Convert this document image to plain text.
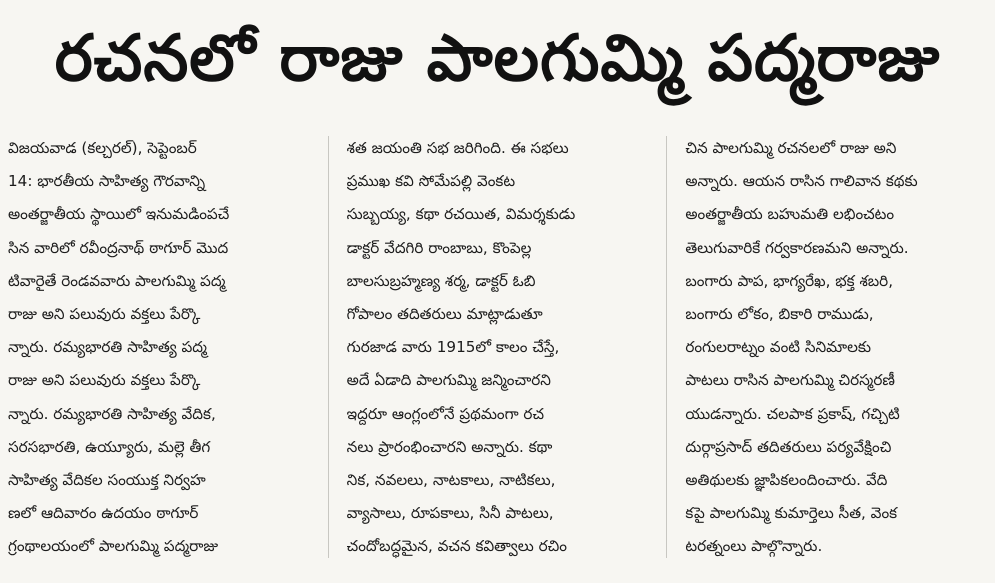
రచనలో రాజు పాలగుమ్మి పద్మరాజు
విజయవాడ (కల్చరల్), సెప్టెంబర్
14: భారతీయ సాహిత్య గౌరవాన్ని
అంతర్జాతీయ స్థాయిలో ఇనుమడింపచే
సిన వారిలో రవీంద్రనాథ్ ఠాగూర్ మొద
టివారైతే రెండవవారు పాలగుమ్మి పద్మ
రాజు అని పలువురు వక్తలు పేర్కొ
న్నారు. రమ్యభారతి సాహిత్య పద్మ
రాజు అని పలువురు వక్తలు పేర్కొ
న్నారు. రమ్యభారతి సాహిత్య వేదిక,
సరసభారతి, ఉయ్యూరు, మల్లె తీగ
సాహిత్య వేదికల సంయుక్త నిర్వహ
ణలో ఆదివారం ఉదయం ఠాగూర్
గ్రంథాలయంలో పాలగుమ్మి పద్మరాజు
శత జయంతి సభ జరిగింది. ఈ సభలు
ప్రముఖ కవి సోమేపల్లి వెంకట
సుబ్బయ్య, కథా రచయిత, విమర్శకుడు
డాక్టర్ వేదగిరి రాంబాబు, కొంపెల్ల
బాలసుబ్రహ్మణ్య శర్మ, డాక్టర్ ఓబి
గోపాలం తదితరులు మాట్లాడుతూ
గురజాడ వారు 1915లో కాలం చేస్తే,
అదే ఏడాది పాలగుమ్మి జన్మించారని
ఇద్దరూ ఆంగ్లంలోనే ప్రథమంగా రచ
నలు ప్రారంభించారని అన్నారు. కథా
నిక, నవలలు, నాటకాలు, నాటికలు,
వ్యాసాలు, రూపకాలు, సినీ పాటలు,
చందోబద్ధమైన, వచన కవిత్వాలు రచిం
చిన పాలగుమ్మి రచనలలో రాజు అని
అన్నారు. ఆయన రాసిన గాలివాన కథకు
అంతర్జాతీయ బహుమతి లభించటం
తెలుగువారికే గర్వకారణమని అన్నారు.
బంగారు పాప, భాగ్యరేఖ, భక్త శబరి,
బంగారు లోకం, బికారి రాముడు,
రంగులరాట్నం వంటి సినిమాలకు
పాటలు రాసిన పాలగుమ్మి చిరస్మరణీ
యుడన్నారు. చలపాక ప్రకాష్, గచ్చిటి
దుర్గాప్రసాద్ తదితరులు పర్యవేక్షించి
అతిథులకు జ్ఞాపికలందించారు. వేది
కపై పాలగుమ్మి కుమార్తెలు సీత, వెంక
టరత్నంలు పాల్గొన్నారు.
